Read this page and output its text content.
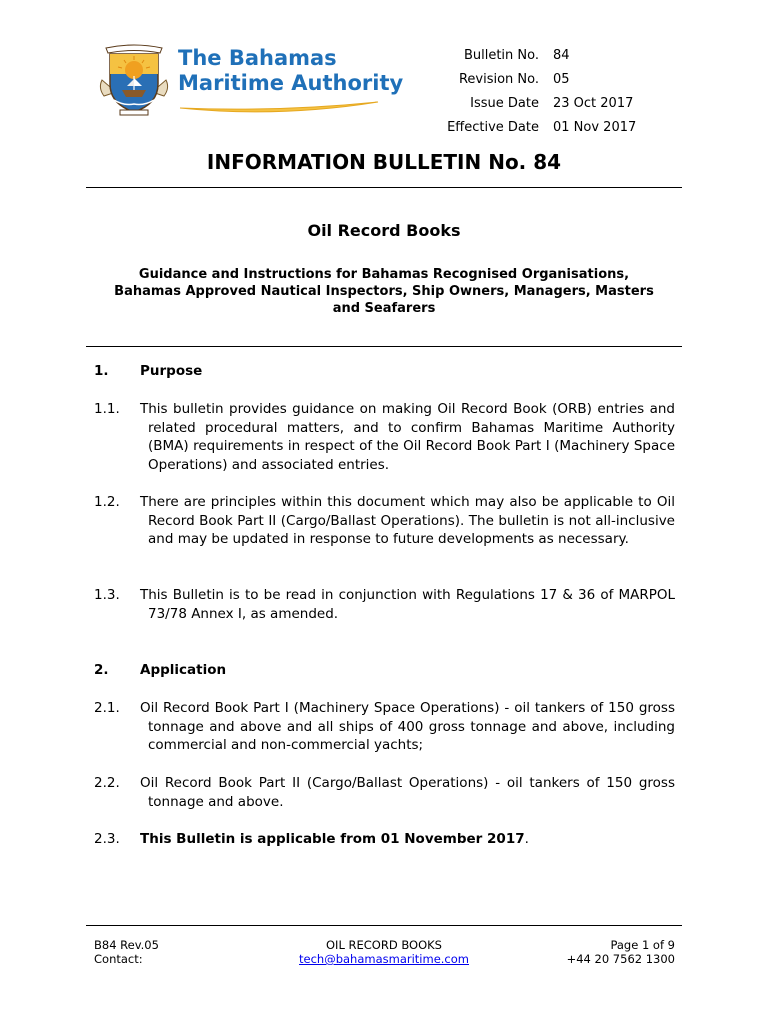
The Bahamas
Maritime Authority
Bulletin No.	84
Revision No.	05
Issue Date	23 Oct 2017
Effective Date	01 Nov 2017
INFORMATION BULLETIN No. 84
Oil Record Books
Guidance and Instructions for Bahamas Recognised Organisations, Bahamas Approved Nautical Inspectors, Ship Owners, Managers, Masters and Seafarers
1. Purpose
1.1.	This bulletin provides guidance on making Oil Record Book (ORB) entries and related procedural matters, and to confirm Bahamas Maritime Authority (BMA) requirements in respect of the Oil Record Book Part I (Machinery Space Operations) and associated entries.
1.2.	There are principles within this document which may also be applicable to Oil Record Book Part II (Cargo/Ballast Operations). The bulletin is not all-inclusive and may be updated in response to future developments as necessary.
1.3.	This Bulletin is to be read in conjunction with Regulations 17 & 36 of MARPOL 73/78 Annex I, as amended.
2. Application
2.1.	Oil Record Book Part I (Machinery Space Operations) - oil tankers of 150 gross tonnage and above and all ships of 400 gross tonnage and above, including commercial and non-commercial yachts;
2.2.	Oil Record Book Part II (Cargo/Ballast Operations) - oil tankers of 150 gross tonnage and above.
2.3.	This Bulletin is applicable from 01 November 2017.
B84 Rev.05
Contact:
OIL RECORD BOOKS
tech@bahamasmaritime.com
Page 1 of 9
+44 20 7562 1300
